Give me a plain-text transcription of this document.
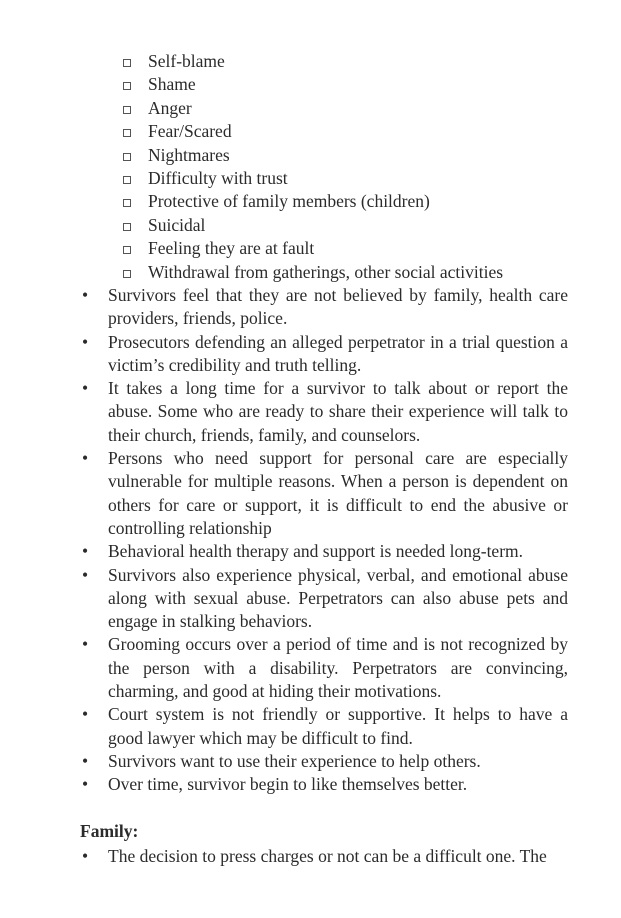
Self-blame
Shame
Anger
Fear/Scared
Nightmares
Difficulty with trust
Protective of family members (children)
Suicidal
Feeling they are at fault
Withdrawal from gatherings, other social activities
• Survivors feel that they are not believed by family, health care providers, friends, police.
• Prosecutors defending an alleged perpetrator in a trial question a victim’s credibility and truth telling.
• It takes a long time for a survivor to talk about or report the abuse. Some who are ready to share their experience will talk to their church, friends, family, and counselors.
• Persons who need support for personal care are especially vulnerable for multiple reasons. When a person is dependent on others for care or support, it is difficult to end the abusive or controlling relationship
• Behavioral health therapy and support is needed long-term.
• Survivors also experience physical, verbal, and emotional abuse along with sexual abuse. Perpetrators can also abuse pets and engage in stalking behaviors.
• Grooming occurs over a period of time and is not recognized by the person with a disability. Perpetrators are convincing, charming, and good at hiding their motivations.
• Court system is not friendly or supportive. It helps to have a good lawyer which may be difficult to find.
• Survivors want to use their experience to help others.
• Over time, survivor begin to like themselves better.
Family:
• The decision to press charges or not can be a difficult one. The
